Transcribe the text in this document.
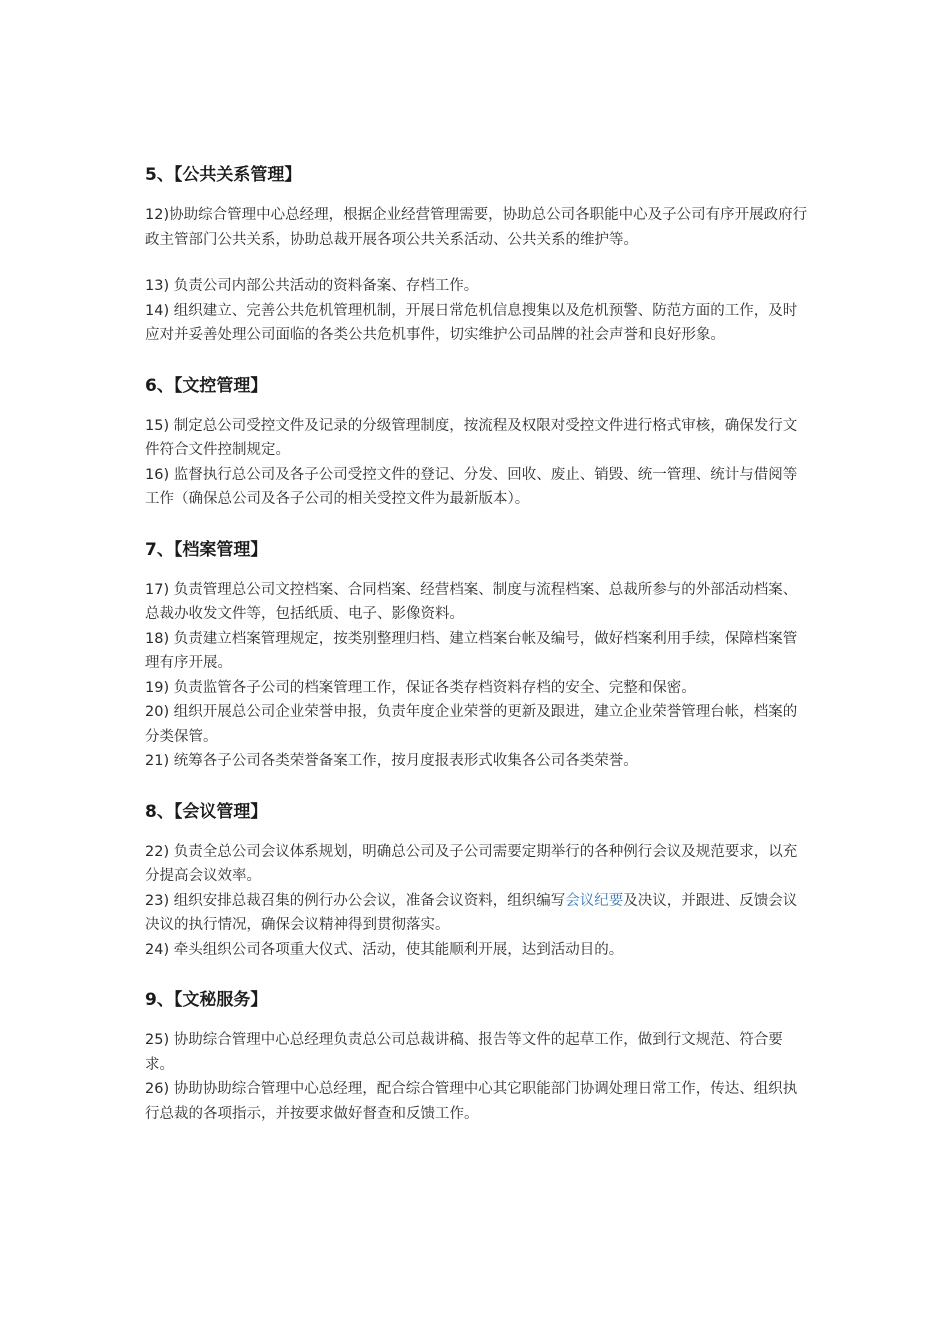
5、【公共关系管理】

12)协助综合管理中心总经理，根据企业经营管理需要，协助总公司各职能中心及子公司有序开展政府行政主管部门公共关系，协助总裁开展各项公共关系活动、公共关系的维护等。

13) 负责公司内部公共活动的资料备案、存档工作。

14) 组织建立、完善公共危机管理机制，开展日常危机信息搜集以及危机预警、防范方面的工作，及时应对并妥善处理公司面临的各类公共危机事件，切实维护公司品牌的社会声誉和良好形象。

6、【文控管理】

15) 制定总公司受控文件及记录的分级管理制度，按流程及权限对受控文件进行格式审核，确保发行文件符合文件控制规定。

16) 监督执行总公司及各子公司受控文件的登记、分发、回收、废止、销毁、统一管理、统计与借阅等工作（确保总公司及各子公司的相关受控文件为最新版本）。

7、【档案管理】

17) 负责管理总公司文控档案、合同档案、经营档案、制度与流程档案、总裁所参与的外部活动档案、总裁办收发文件等，包括纸质、电子、影像资料。

18) 负责建立档案管理规定，按类别整理归档、建立档案台帐及编号，做好档案利用手续，保障档案管理有序开展。

19) 负责监管各子公司的档案管理工作，保证各类存档资料存档的安全、完整和保密。

20) 组织开展总公司企业荣誉申报，负责年度企业荣誉的更新及跟进，建立企业荣誉管理台帐，档案的分类保管。

21) 统筹各子公司各类荣誉备案工作，按月度报表形式收集各公司各类荣誉。

8、【会议管理】

22) 负责全总公司会议体系规划，明确总公司及子公司需要定期举行的各种例行会议及规范要求，以充分提高会议效率。

23) 组织安排总裁召集的例行办公会议，准备会议资料，组织编写会议纪要及决议，并跟进、反馈会议决议的执行情况，确保会议精神得到贯彻落实。

24) 牵头组织公司各项重大仪式、活动，使其能顺利开展，达到活动目的。

9、【文秘服务】

25) 协助综合管理中心总经理负责总公司总裁讲稿、报告等文件的起草工作，做到行文规范、符合要求。

26) 协助协助综合管理中心总经理，配合综合管理中心其它职能部门协调处理日常工作，传达、组织执行总裁的各项指示，并按要求做好督查和反馈工作。
